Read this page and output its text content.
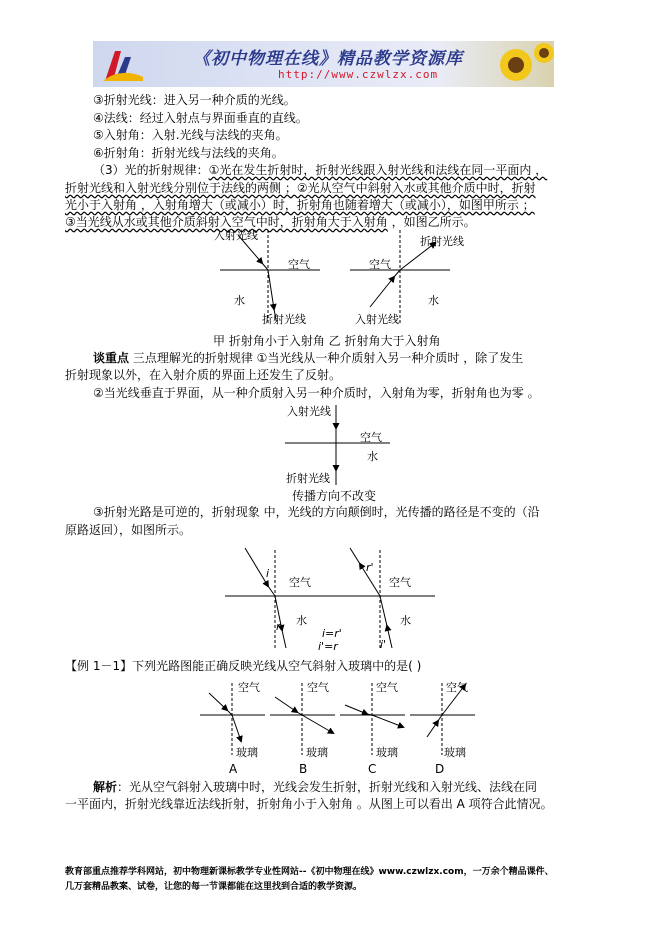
《初中物理在线》精品教学资源库
http://www.czwlzx.com
③折射光线：进入另一种介质的光线。
④法线：经过入射点与界面垂直的直线。
⑤入射角：入射.光线与法线的夹角。
⑥折射角：折射光线与法线的夹角。
（3）光的折射规律：①光在发生折射时，折射光线跟入射光线和法线在同一平面内 ，
折射光线和入射光线分别位于法线的两侧 ；②光从空气中斜射入水或其他介质中时，折射
光小于入射角 ，入射角增大（或减小）时，折射角也随着增大（或减小），如图甲所示 ；
③当光线从水或其他介质斜射入空气中时，折射角大于入射角 ，如图乙所示。
入射光线
空气
水
折射光线
折射光线
空气
水
入射光线
甲 折射角小于入射角 乙 折射角大于入射角
谈重点 三点理解光的折射规律 ①当光线从一种介质射入另一种介质时 ，除了发生
折射现象以外，在入射介质的界面上还发生了反射。
②当光线垂直于界面，从一种介质射入另一种介质时，入射角为零，折射角也为零 。
入射光线
空气
水
折射光线
传播方向不改变
③折射光路是可逆的，折射现象 中，光线的方向颠倒时，光传播的路径是不变的（沿
原路返回），如图所示。
i
r
r'
i'
空气
水
空气
水
i=r'
i'=r
【例 1－1】下列光路图能正确反映光线从空气斜射入玻璃中的是( )
空气	空气	空气	空气
玻璃	玻璃	玻璃	玻璃
A	B	C	D
解析：光从空气斜射入玻璃中时，光线会发生折射，折射光线和入射光线、法线在同
一平面内，折射光线靠近法线折射，折射角小于入射角 。从图上可以看出 A 项符合此情况。
教育部重点推荐学科网站，初中物理新课标教学专业性网站--《初中物理在线》www.czwlzx.com，一万余个精品课件、
几万套精品教案、试卷，让您的每一节课都能在这里找到合适的教学资源。
